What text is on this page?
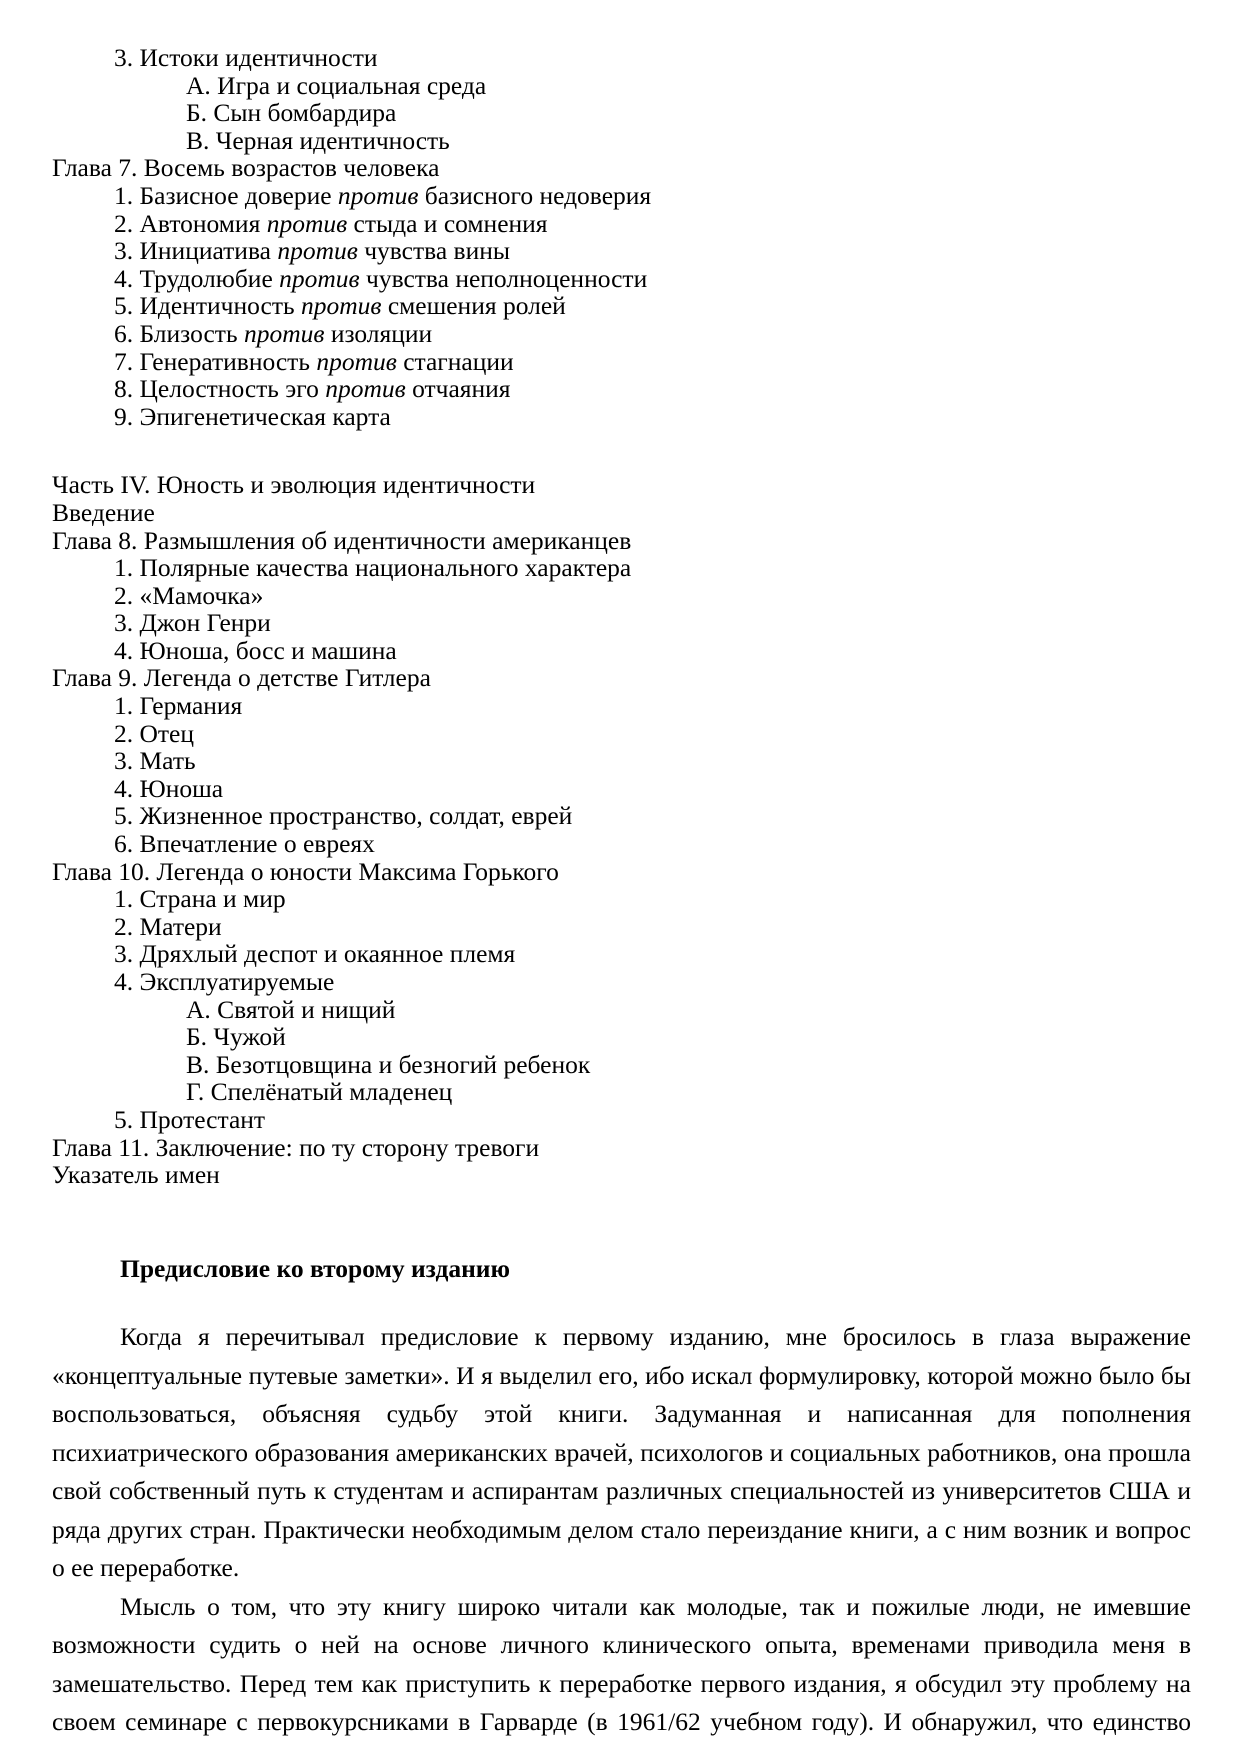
3. Истоки идентичности
А. Игра и социальная среда
Б. Сын бомбардира
В. Черная идентичность
Глава 7. Восемь возрастов человека
1. Базисное доверие против базисного недоверия
2. Автономия против стыда и сомнения
3. Инициатива против чувства вины
4. Трудолюбие против чувства неполноценности
5. Идентичность против смешения ролей
6. Близость против изоляции
7. Генеративность против стагнации
8. Целостность эго против отчаяния
9. Эпигенетическая карта
Часть IV. Юность и эволюция идентичности
Введение
Глава 8. Размышления об идентичности американцев
1. Полярные качества национального характера
2. «Мамочка»
3. Джон Генри
4. Юноша, босс и машина
Глава 9. Легенда о детстве Гитлера
1. Германия
2. Отец
3. Мать
4. Юноша
5. Жизненное пространство, солдат, еврей
6. Впечатление о евреях
Глава 10. Легенда о юности Максима Горького
1. Страна и мир
2. Матери
3. Дряхлый деспот и окаянное племя
4. Эксплуатируемые
А. Святой и нищий
Б. Чужой
В. Безотцовщина и безногий ребенок
Г. Спелёнатый младенец
5. Протестант
Глава 11. Заключение: по ту сторону тревоги
Указатель имен
Предисловие ко второму изданию

Когда я перечитывал предисловие к первому изданию, мне бросилось в глаза выражение «концептуальные путевые заметки». И я выделил его, ибо искал формулировку, которой можно было бы воспользоваться, объясняя судьбу этой книги. Задуманная и написанная для пополнения психиатрического образования американских врачей, психологов и социальных работников, она прошла свой собственный путь к студентам и аспирантам различных специальностей из университетов США и ряда других стран. Практически необходимым делом стало переиздание книги, а с ним возник и вопрос о ее переработке.

Мысль о том, что эту книгу широко читали как молодые, так и пожилые люди, не имевшие возможности судить о ней на основе личного клинического опыта, временами приводила меня в замешательство. Перед тем как приступить к переработке первого издания, я обсудил эту проблему на своем семинаре с первокурсниками в Гарварде (в 1961/62 учебном году). И обнаружил, что единство
